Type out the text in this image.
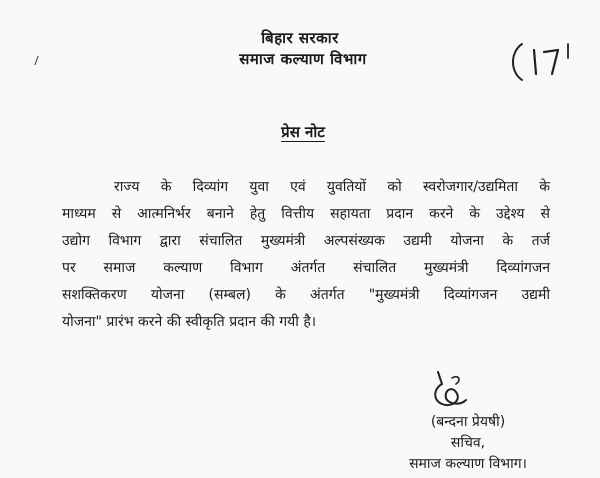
बिहार सरकार
समाज कल्याण विभाग
प्रेस नोट
राज्य के दिव्यांग युवा एवं युवतियों को स्वरोजगार/उद्यमिता के
माध्यम से आत्मनिर्भर बनाने हेतु वित्तीय सहायता प्रदान करने के उद्देश्य से
उद्योग विभाग द्वारा संचालित मुख्यमंत्री अल्पसंख्यक उद्यमी योजना के तर्ज
पर समाज कल्याण विभाग अंतर्गत संचालित मुख्यमंत्री दिव्यांगजन
सशक्तिकरण योजना (सम्बल) के अंतर्गत "मुख्यमंत्री दिव्यांगजन उद्यमी
योजना" प्रारंभ करने की स्वीकृति प्रदान की गयी है।
(बन्दना प्रेयषी)
सचिव,
समाज कल्याण विभाग।
